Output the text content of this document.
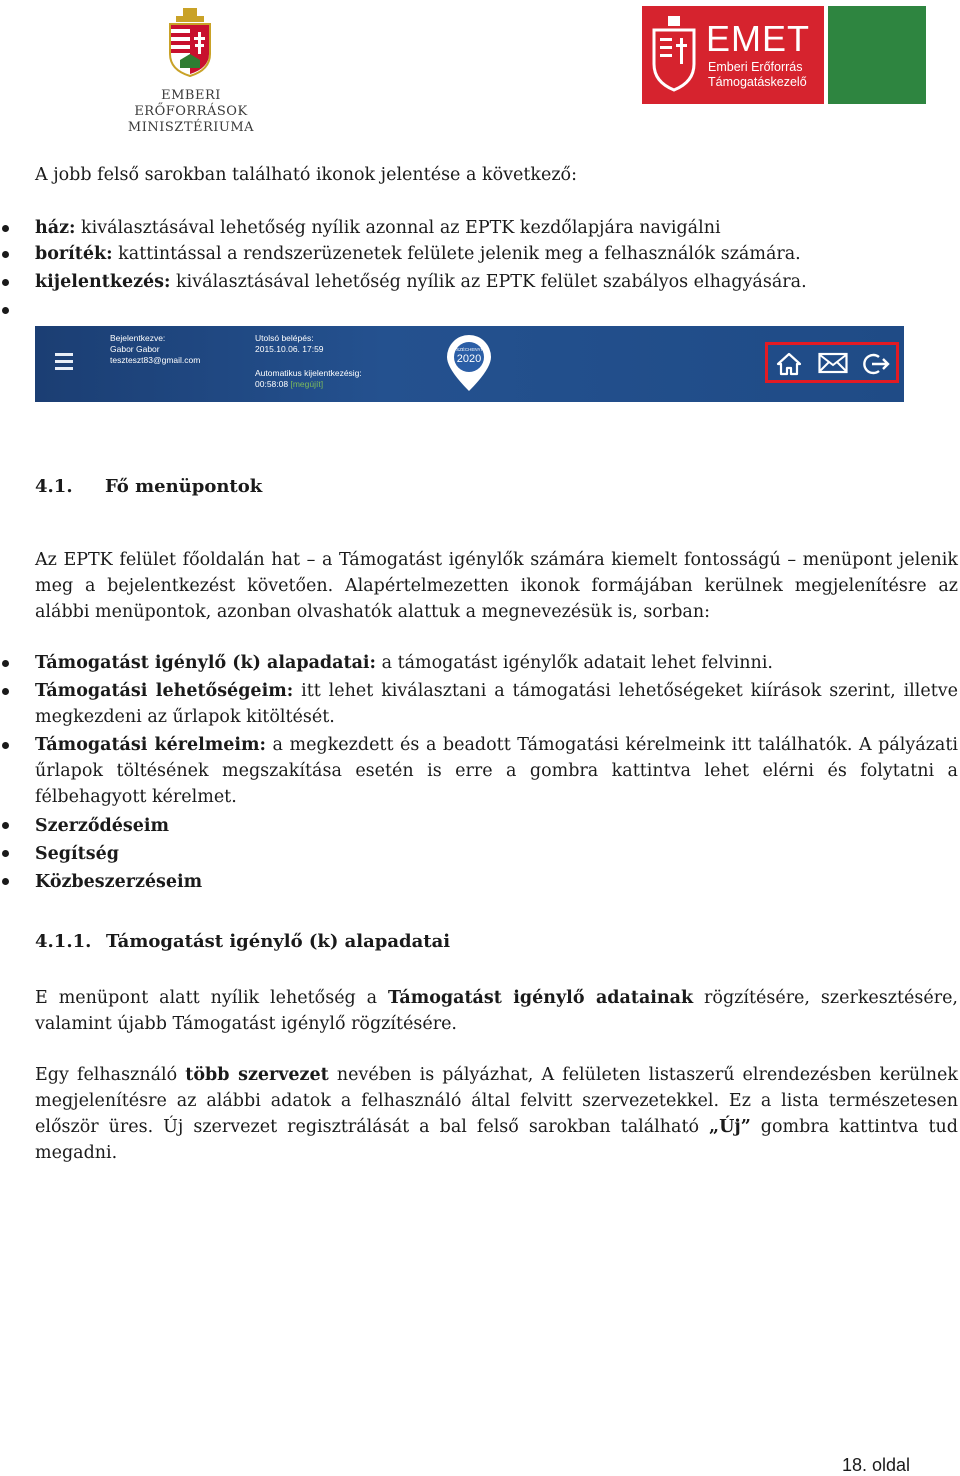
EMBERI ERŐFORRÁSOK
MINISZTÉRIUMA
EMET
Emberi Erőforrás
Támogatáskezelő
A jobb felső sarokban található ikonok jelentése a következő:
ház: kiválasztásával lehetőség nyílik azonnal az EPTK kezdőlapjára navigálni
boríték: kattintással a rendszerüzenetek felülete jelenik meg a felhasználók számára.
kijelentkezés: kiválasztásával lehetőség nyílik az EPTK felület szabályos elhagyására.
Bejelentkezve:
Gabor Gabor
teszteszt83@gmail.com
Utolsó belépés:
2015.10.06. 17:59
Automatikus kijelentkezésig:
00:58:08 [megújít]
SZÉCHENYI
2020
4.1. Fő menüpontok
Az EPTK felület főoldalán hat – a Támogatást igénylők számára kiemelt fontosságú – menüpont jelenik meg a bejelentkezést követően. Alapértelmezetten ikonok formájában kerülnek megjelenítésre az alábbi menüpontok, azonban olvashatók alattuk a megnevezésük is, sorban:
Támogatást igénylő (k) alapadatai: a támogatást igénylők adatait lehet felvinni.
Támogatási lehetőségeim: itt lehet kiválasztani a támogatási lehetőségeket kiírások szerint, illetve megkezdeni az űrlapok kitöltését.
Támogatási kérelmeim: a megkezdett és a beadott Támogatási kérelmeink itt találhatók. A pályázati űrlapok töltésének megszakítása esetén is erre a gombra kattintva lehet elérni és folytatni a félbehagyott kérelmet.
Szerződéseim
Segítség
Közbeszerzéseim
4.1.1. Támogatást igénylő (k) alapadatai
E menüpont alatt nyílik lehetőség a Támogatást igénylő adatainak rögzítésére, szerkesztésére, valamint újabb Támogatást igénylő rögzítésére.
Egy felhasználó több szervezet nevében is pályázhat, A felületen listaszerű elrendezésben kerülnek megjelenítésre az alábbi adatok a felhasználó által felvitt szervezetekkel. Ez a lista természetesen először üres. Új szervezet regisztrálását a bal felső sarokban található „Új” gombra kattintva tud megadni.
18. oldal
